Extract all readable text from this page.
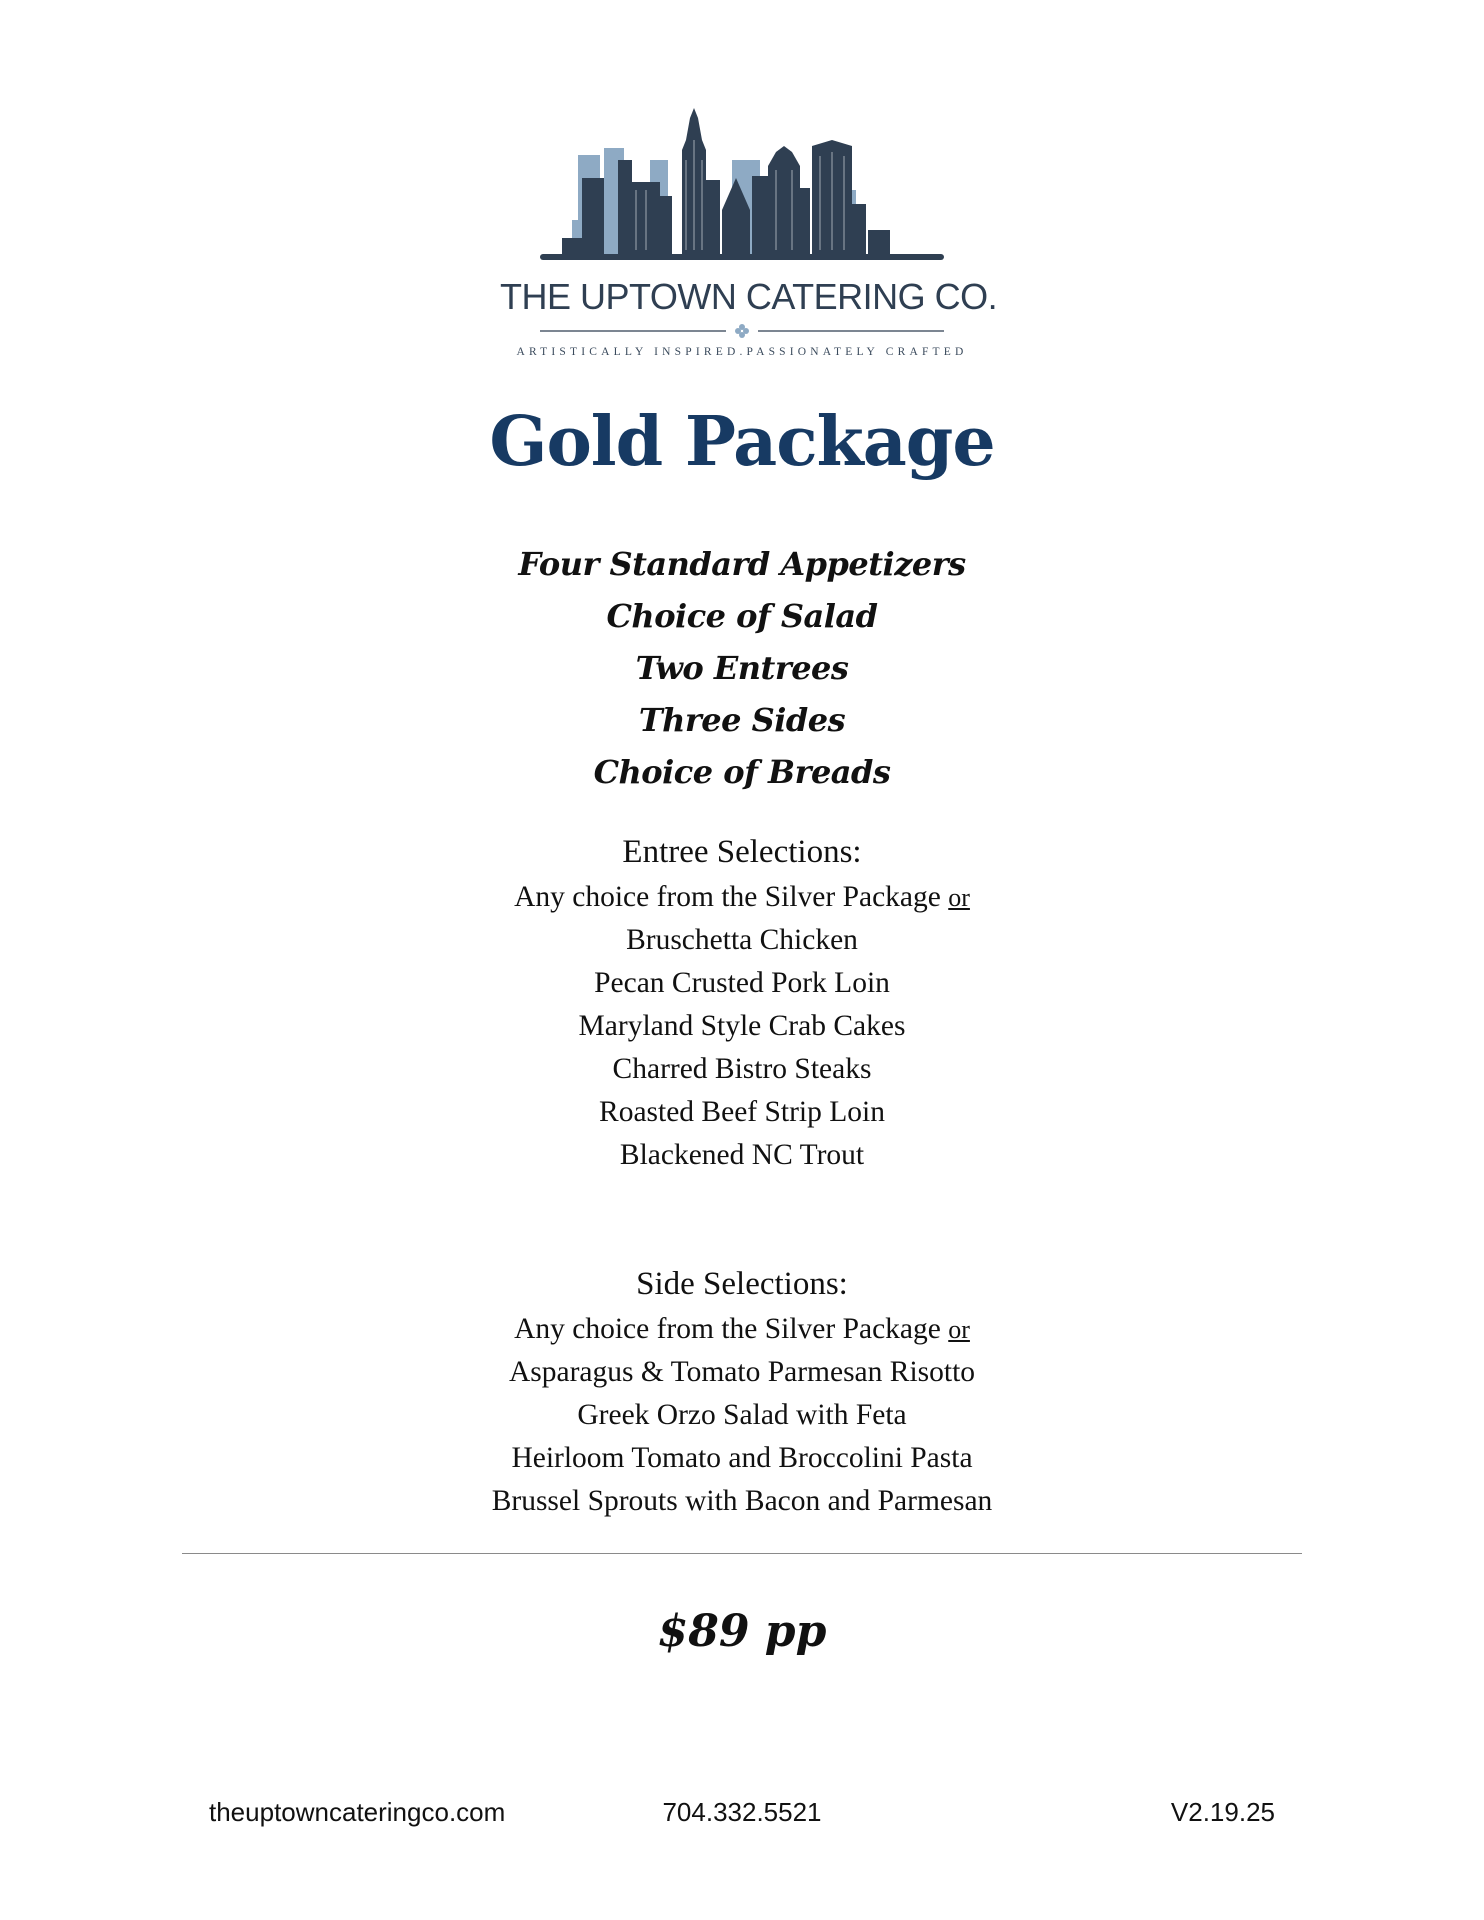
THE UPTOWN CATERING CO.
ARTISTICALLY INSPIRED.PASSIONATELY CRAFTED
Gold Package
Four Standard Appetizers
Choice of Salad
Two Entrees
Three Sides
Choice of Breads
Entree Selections:
Any choice from the Silver Package or
Bruschetta Chicken
Pecan Crusted Pork Loin
Maryland Style Crab Cakes
Charred Bistro Steaks
Roasted Beef Strip Loin
Blackened NC Trout
Side Selections:
Any choice from the Silver Package or
Asparagus & Tomato Parmesan Risotto
Greek Orzo Salad with Feta
Heirloom Tomato and Broccolini Pasta
Brussel Sprouts with Bacon and Parmesan
$89 pp
theuptowncateringco.com	704.332.5521	V2.19.25
